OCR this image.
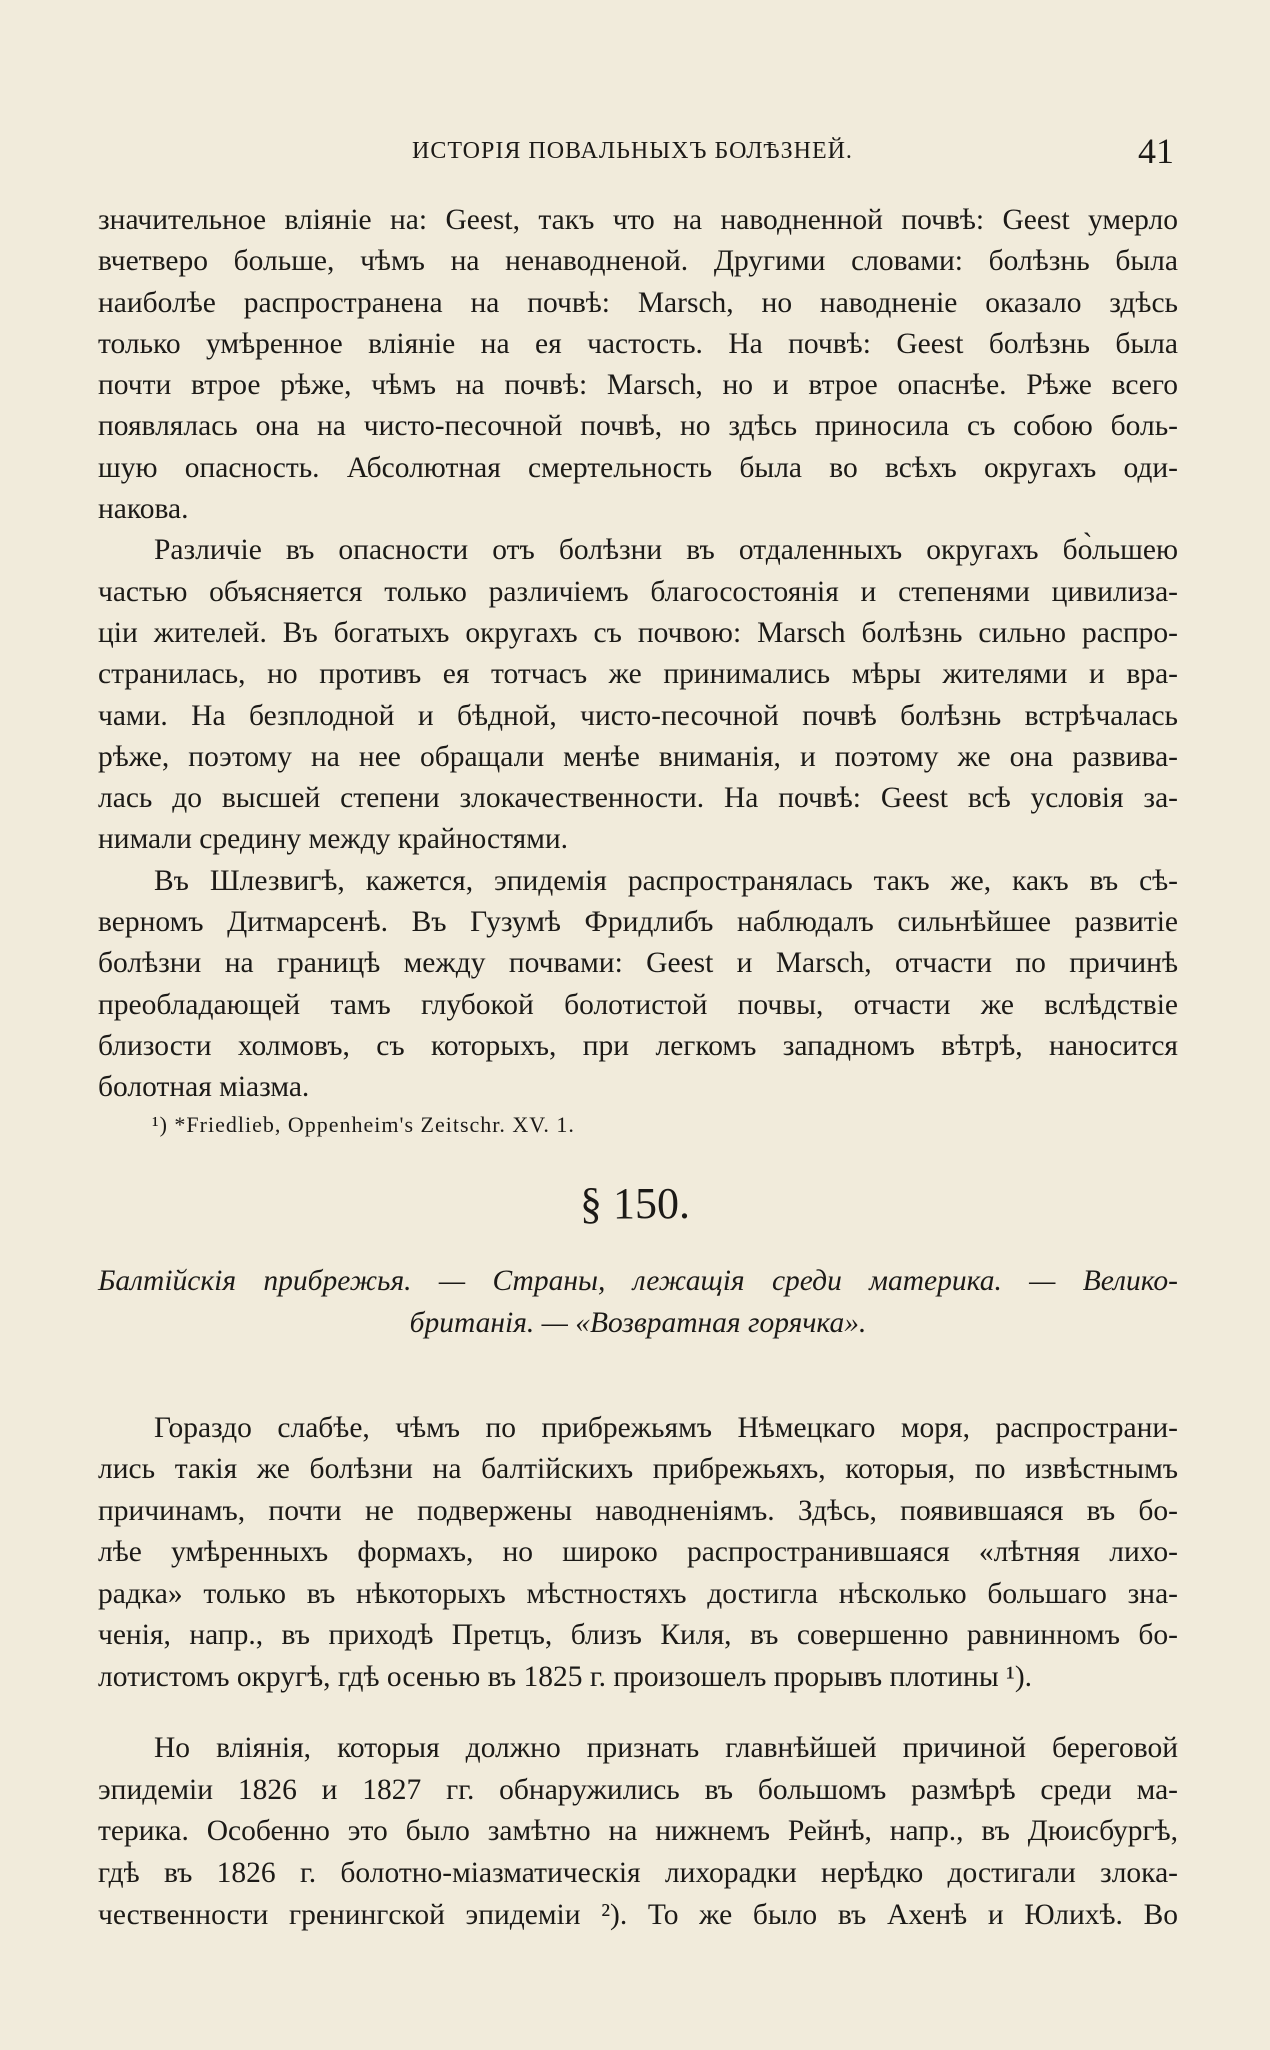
ИСТОРІЯ ПОВАЛЬНЫХЪ БОЛѢЗНЕЙ.	41

значительное вліяніе на: Geest, такъ что на наводненной почвѣ: Geest умерло
вчетверо больше, чѣмъ на ненаводненой. Другими словами: болѣзнь была
наиболѣе распространена на почвѣ: Marsch, но наводненіе оказало здѣсь
только умѣренное вліяніе на ея частость. На почвѣ: Geest болѣзнь была
почти втрое рѣже, чѣмъ на почвѣ: Marsch, но и втрое опаснѣе. Рѣже всего
появлялась она на чисто-песочной почвѣ, но здѣсь приносила съ собою боль-
шую опасность. Абсолютная смертельность была во всѣхъ округахъ оди-
накова.

Различіе въ опасности отъ болѣзни въ отдаленныхъ округахъ бо̀льшею
частью объясняется только различіемъ благосостоянія и степенями цивилиза-
ціи жителей. Въ богатыхъ округахъ съ почвою: Marsch болѣзнь сильно распро-
странилась, но противъ ея тотчасъ же принимались мѣры жителями и вра-
чами. На безплодной и бѣдной, чисто-песочной почвѣ болѣзнь встрѣчалась
рѣже, поэтому на нее обращали менѣе вниманія, и поэтому же она развива-
лась до высшей степени злокачественности. На почвѣ: Geest всѣ условія за-
нимали средину между крайностями.

Въ Шлезвигѣ, кажется, эпидемія распространялась такъ же, какъ въ сѣ-
верномъ Дитмарсенѣ. Въ Гузумѣ Фридлибъ наблюдалъ сильнѣйшее развитіе
болѣзни на границѣ между почвами: Geest и Marsch, отчасти по причинѣ
преобладающей тамъ глубокой болотистой почвы, отчасти же вслѣдствіе
близости холмовъ, съ которыхъ, при легкомъ западномъ вѣтрѣ, наносится
болотная міазма.

¹) *Friedlieb, Oppenheim's Zeitschr. XV. 1.
§ 150.
Балтійскія прибрежья. — Страны, лежащія среди материка. — Велико-
британія. — «Возвратная горячка».

Гораздо слабѣе, чѣмъ по прибрежьямъ Нѣмецкаго моря, распространи-
лись такія же болѣзни на балтійскихъ прибрежьяхъ, которыя, по извѣстнымъ
причинамъ, почти не подвержены наводненіямъ. Здѣсь, появившаяся въ бо-
лѣе умѣренныхъ формахъ, но широко распространившаяся «лѣтняя лихо-
радка» только въ нѣкоторыхъ мѣстностяхъ достигла нѣсколько большаго зна-
ченія, напр., въ приходѣ Претцъ, близъ Киля, въ совершенно равнинномъ бо-
лотистомъ округѣ, гдѣ осенью въ 1825 г. произошелъ прорывъ плотины ¹).

Но вліянія, которыя должно признать главнѣйшей причиной береговой
эпидеміи 1826 и 1827 гг. обнаружились въ большомъ размѣрѣ среди ма-
терика. Особенно это было замѣтно на нижнемъ Рейнѣ, напр., въ Дюисбургѣ,
гдѣ въ 1826 г. болотно-міазматическія лихорадки нерѣдко достигали злока-
чественности гренингской эпидеміи ²). То же было въ Ахенѣ и Юлихѣ. Во
